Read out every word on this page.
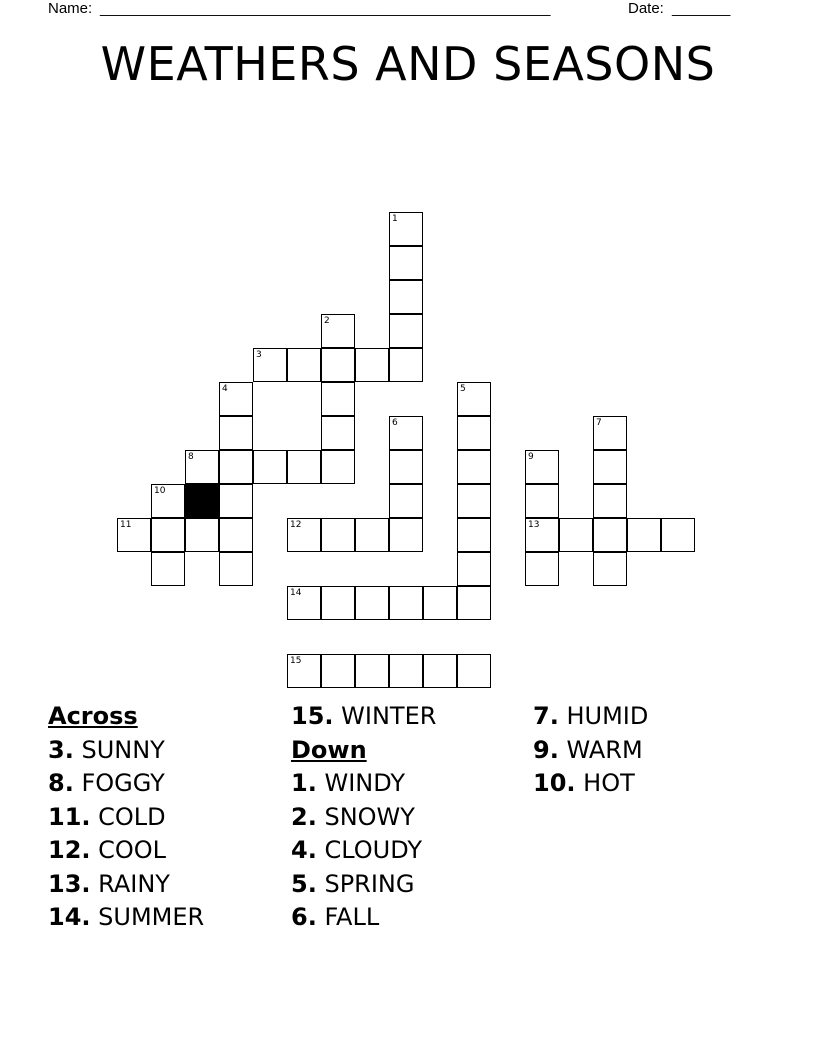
Name: ______________________________________________________	Date: _______
WEATHERS AND SEASONS
1
2
3
4	5
6	7
8	9
13
10
11	12
14
15
Across
3. SUNNY
8. FOGGY
11. COLD
12. COOL
13. RAINY
14. SUMMER
15. WINTER
Down
1. WINDY
2. SNOWY
4. CLOUDY
5. SPRING
6. FALL
7. HUMID
9. WARM
10. HOT
